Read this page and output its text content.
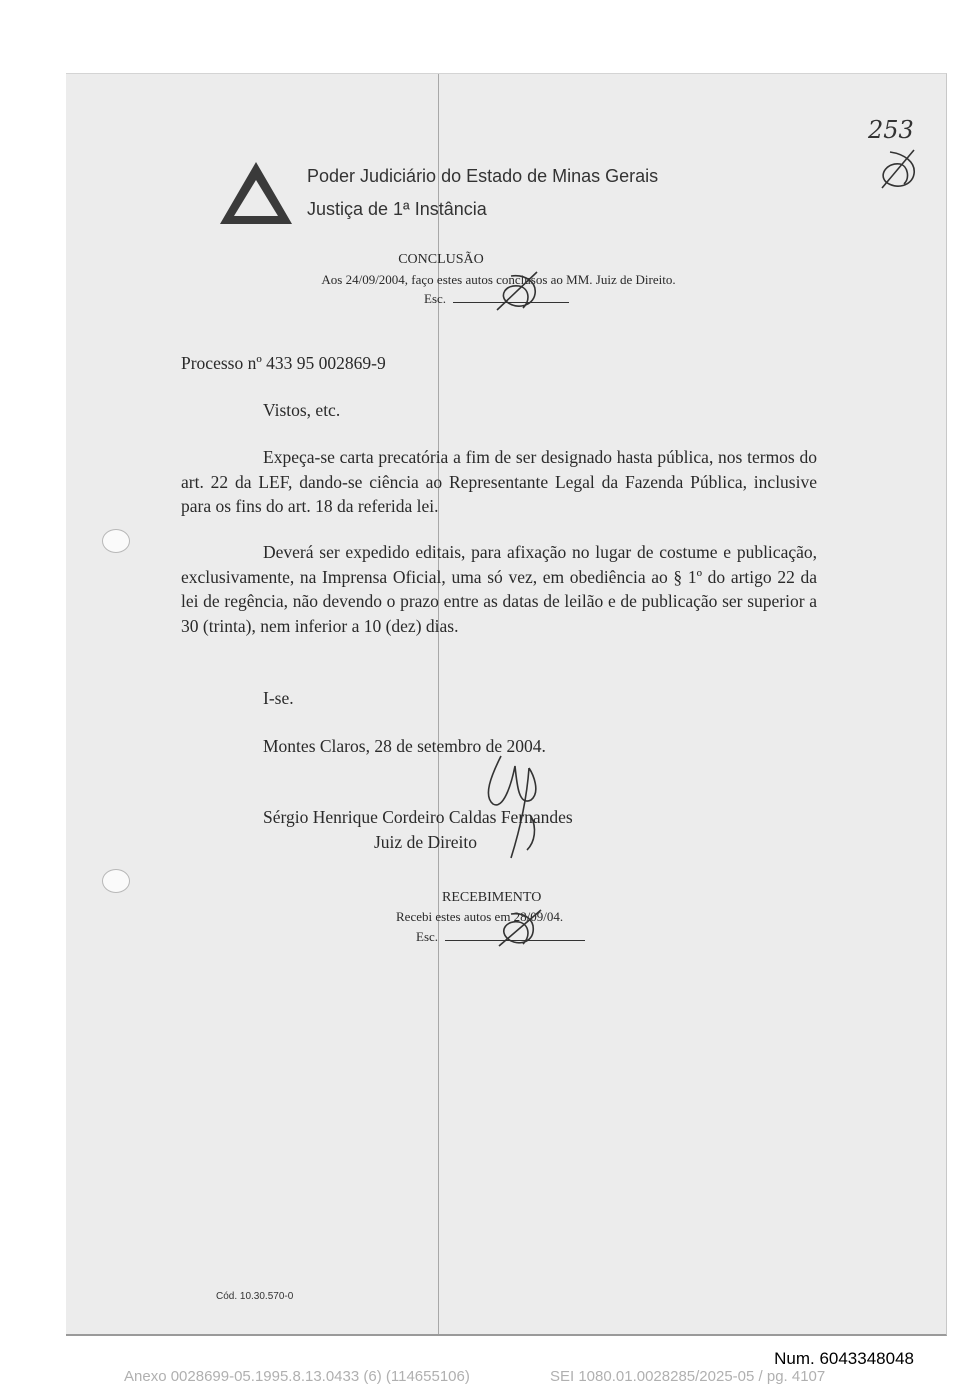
Poder Judiciário do Estado de Minas Gerais
Justiça de 1ª Instância
253
CONCLUSÃO
Aos 24/09/2004, faço estes autos conclusos ao MM. Juiz de Direito.
Esc.
Processo nº 433 95 002869-9
Vistos, etc.
Expeça-se carta precatória a fim de ser designado hasta pública, nos termos do art. 22 da LEF, dando-se ciência ao Representante Legal da Fazenda Pública, inclusive para os fins do art. 18 da referida lei.
Deverá ser expedido editais, para afixação no lugar de costume e publicação, exclusivamente, na Imprensa Oficial, uma só vez, em obediência ao § 1º do artigo 22 da lei de regência, não devendo o prazo entre as datas de leilão e de publicação ser superior a 30 (trinta), nem inferior a 10 (dez) dias.
I-se.
Montes Claros, 28 de setembro de 2004.
Sérgio Henrique Cordeiro Caldas Fernandes
Juiz de Direito
RECEBIMENTO
Recebi estes autos em 28/09/04.
Esc.
Cód. 10.30.570-0
Num. 6043348048
Anexo 0028699-05.1995.8.13.0433 (6) (114655106)	SEI 1080.01.0028285/2025-05 / pg. 4107
